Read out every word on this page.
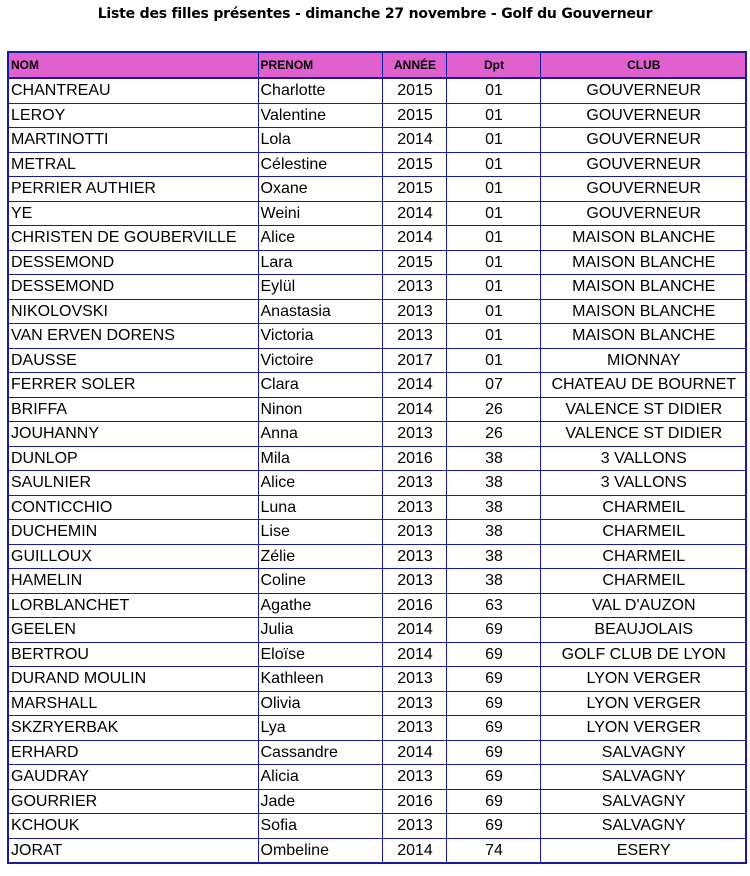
Liste des filles présentes - dimanche 27 novembre - Golf du Gouverneur
NOM	PRENOM	ANNÉE	Dpt	CLUB
CHANTREAU	Charlotte	2015	01	GOUVERNEUR
LEROY	Valentine	2015	01	GOUVERNEUR
MARTINOTTI	Lola	2014	01	GOUVERNEUR
METRAL	Célestine	2015	01	GOUVERNEUR
PERRIER AUTHIER	Oxane	2015	01	GOUVERNEUR
YE	Weini	2014	01	GOUVERNEUR
CHRISTEN DE GOUBERVILLE	Alice	2014	01	MAISON BLANCHE
DESSEMOND	Lara	2015	01	MAISON BLANCHE
DESSEMOND	Eylül	2013	01	MAISON BLANCHE
NIKOLOVSKI	Anastasia	2013	01	MAISON BLANCHE
VAN ERVEN DORENS	Victoria	2013	01	MAISON BLANCHE
DAUSSE	Victoire	2017	01	MIONNAY
FERRER SOLER	Clara	2014	07	CHATEAU DE BOURNET
BRIFFA	Ninon	2014	26	VALENCE ST DIDIER
JOUHANNY	Anna	2013	26	VALENCE ST DIDIER
DUNLOP	Mila	2016	38	3 VALLONS
SAULNIER	Alice	2013	38	3 VALLONS
CONTICCHIO	Luna	2013	38	CHARMEIL
DUCHEMIN	Lise	2013	38	CHARMEIL
GUILLOUX	Zélie	2013	38	CHARMEIL
HAMELIN	Coline	2013	38	CHARMEIL
LORBLANCHET	Agathe	2016	63	VAL D'AUZON
GEELEN	Julia	2014	69	BEAUJOLAIS
BERTROU	Eloïse	2014	69	GOLF CLUB DE LYON
DURAND MOULIN	Kathleen	2013	69	LYON VERGER
MARSHALL	Olivia	2013	69	LYON VERGER
SKZRYERBAK	Lya	2013	69	LYON VERGER
ERHARD	Cassandre	2014	69	SALVAGNY
GAUDRAY	Alicia	2013	69	SALVAGNY
GOURRIER	Jade	2016	69	SALVAGNY
KCHOUK	Sofia	2013	69	SALVAGNY
JORAT	Ombeline	2014	74	ESERY
